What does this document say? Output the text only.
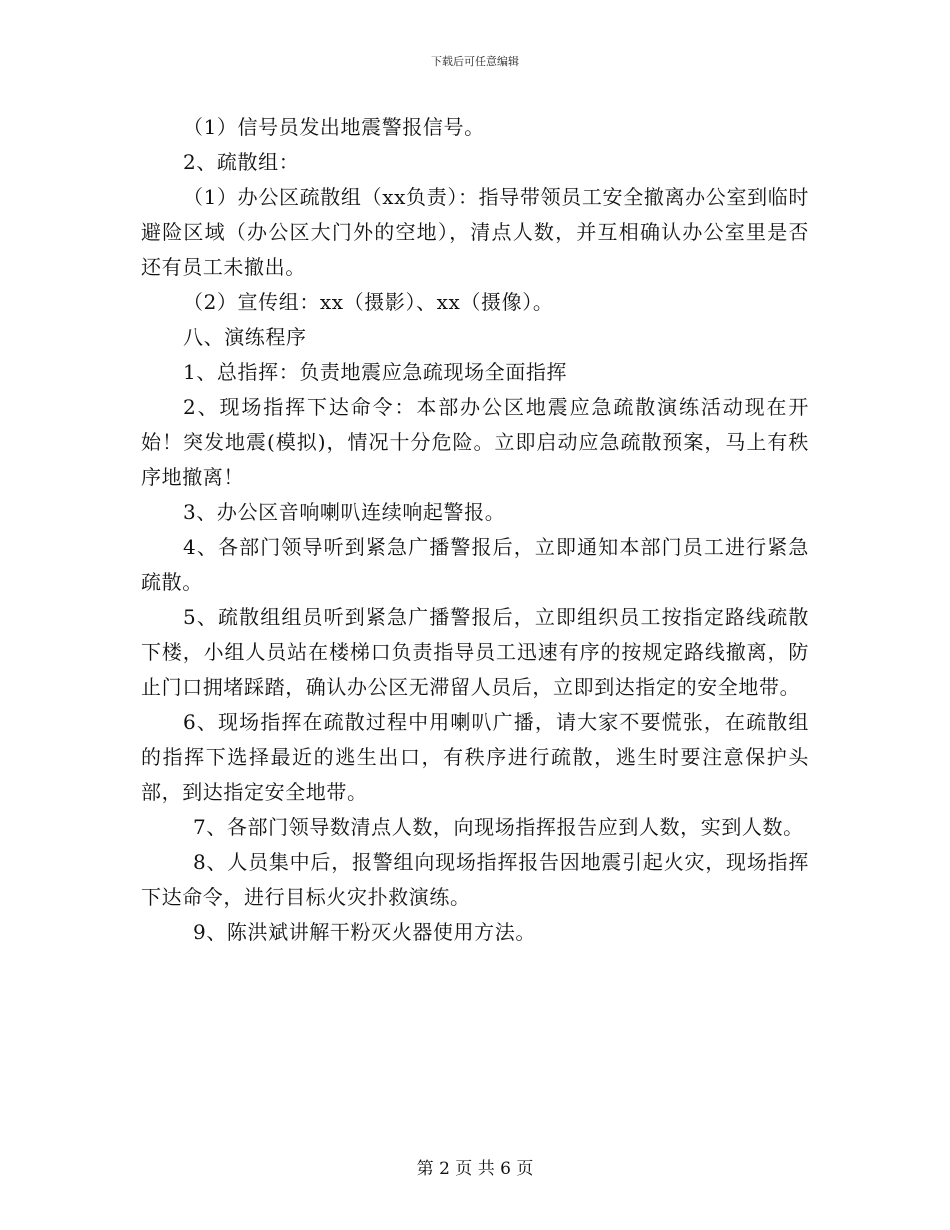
下载后可任意编辑

（1）信号员发出地震警报信号。

2、疏散组：

（1）办公区疏散组（xx负责）：指导带领员工安全撤离办公室到临时避险区域（办公区大门外的空地），清点人数，并互相确认办公室里是否还有员工未撤出。

（2）宣传组：xx（摄影）、xx（摄像）。

八、演练程序

1、总指挥：负责地震应急疏现场全面指挥

2、现场指挥下达命令：本部办公区地震应急疏散演练活动现在开始！突发地震(模拟)，情况十分危险。立即启动应急疏散预案，马上有秩序地撤离！

3、办公区音响喇叭连续响起警报。

4、各部门领导听到紧急广播警报后，立即通知本部门员工进行紧急疏散。

5、疏散组组员听到紧急广播警报后，立即组织员工按指定路线疏散下楼，小组人员站在楼梯口负责指导员工迅速有序的按规定路线撤离，防止门口拥堵踩踏，确认办公区无滞留人员后，立即到达指定的安全地带。

6、现场指挥在疏散过程中用喇叭广播，请大家不要慌张，在疏散组的指挥下选择最近的逃生出口，有秩序进行疏散，逃生时要注意保护头部，到达指定安全地带。

7、各部门领导数清点人数，向现场指挥报告应到人数，实到人数。

8、人员集中后，报警组向现场指挥报告因地震引起火灾，现场指挥下达命令，进行目标火灾扑救演练。

9、陈洪斌讲解干粉灭火器使用方法。

第 2 页 共 6 页
